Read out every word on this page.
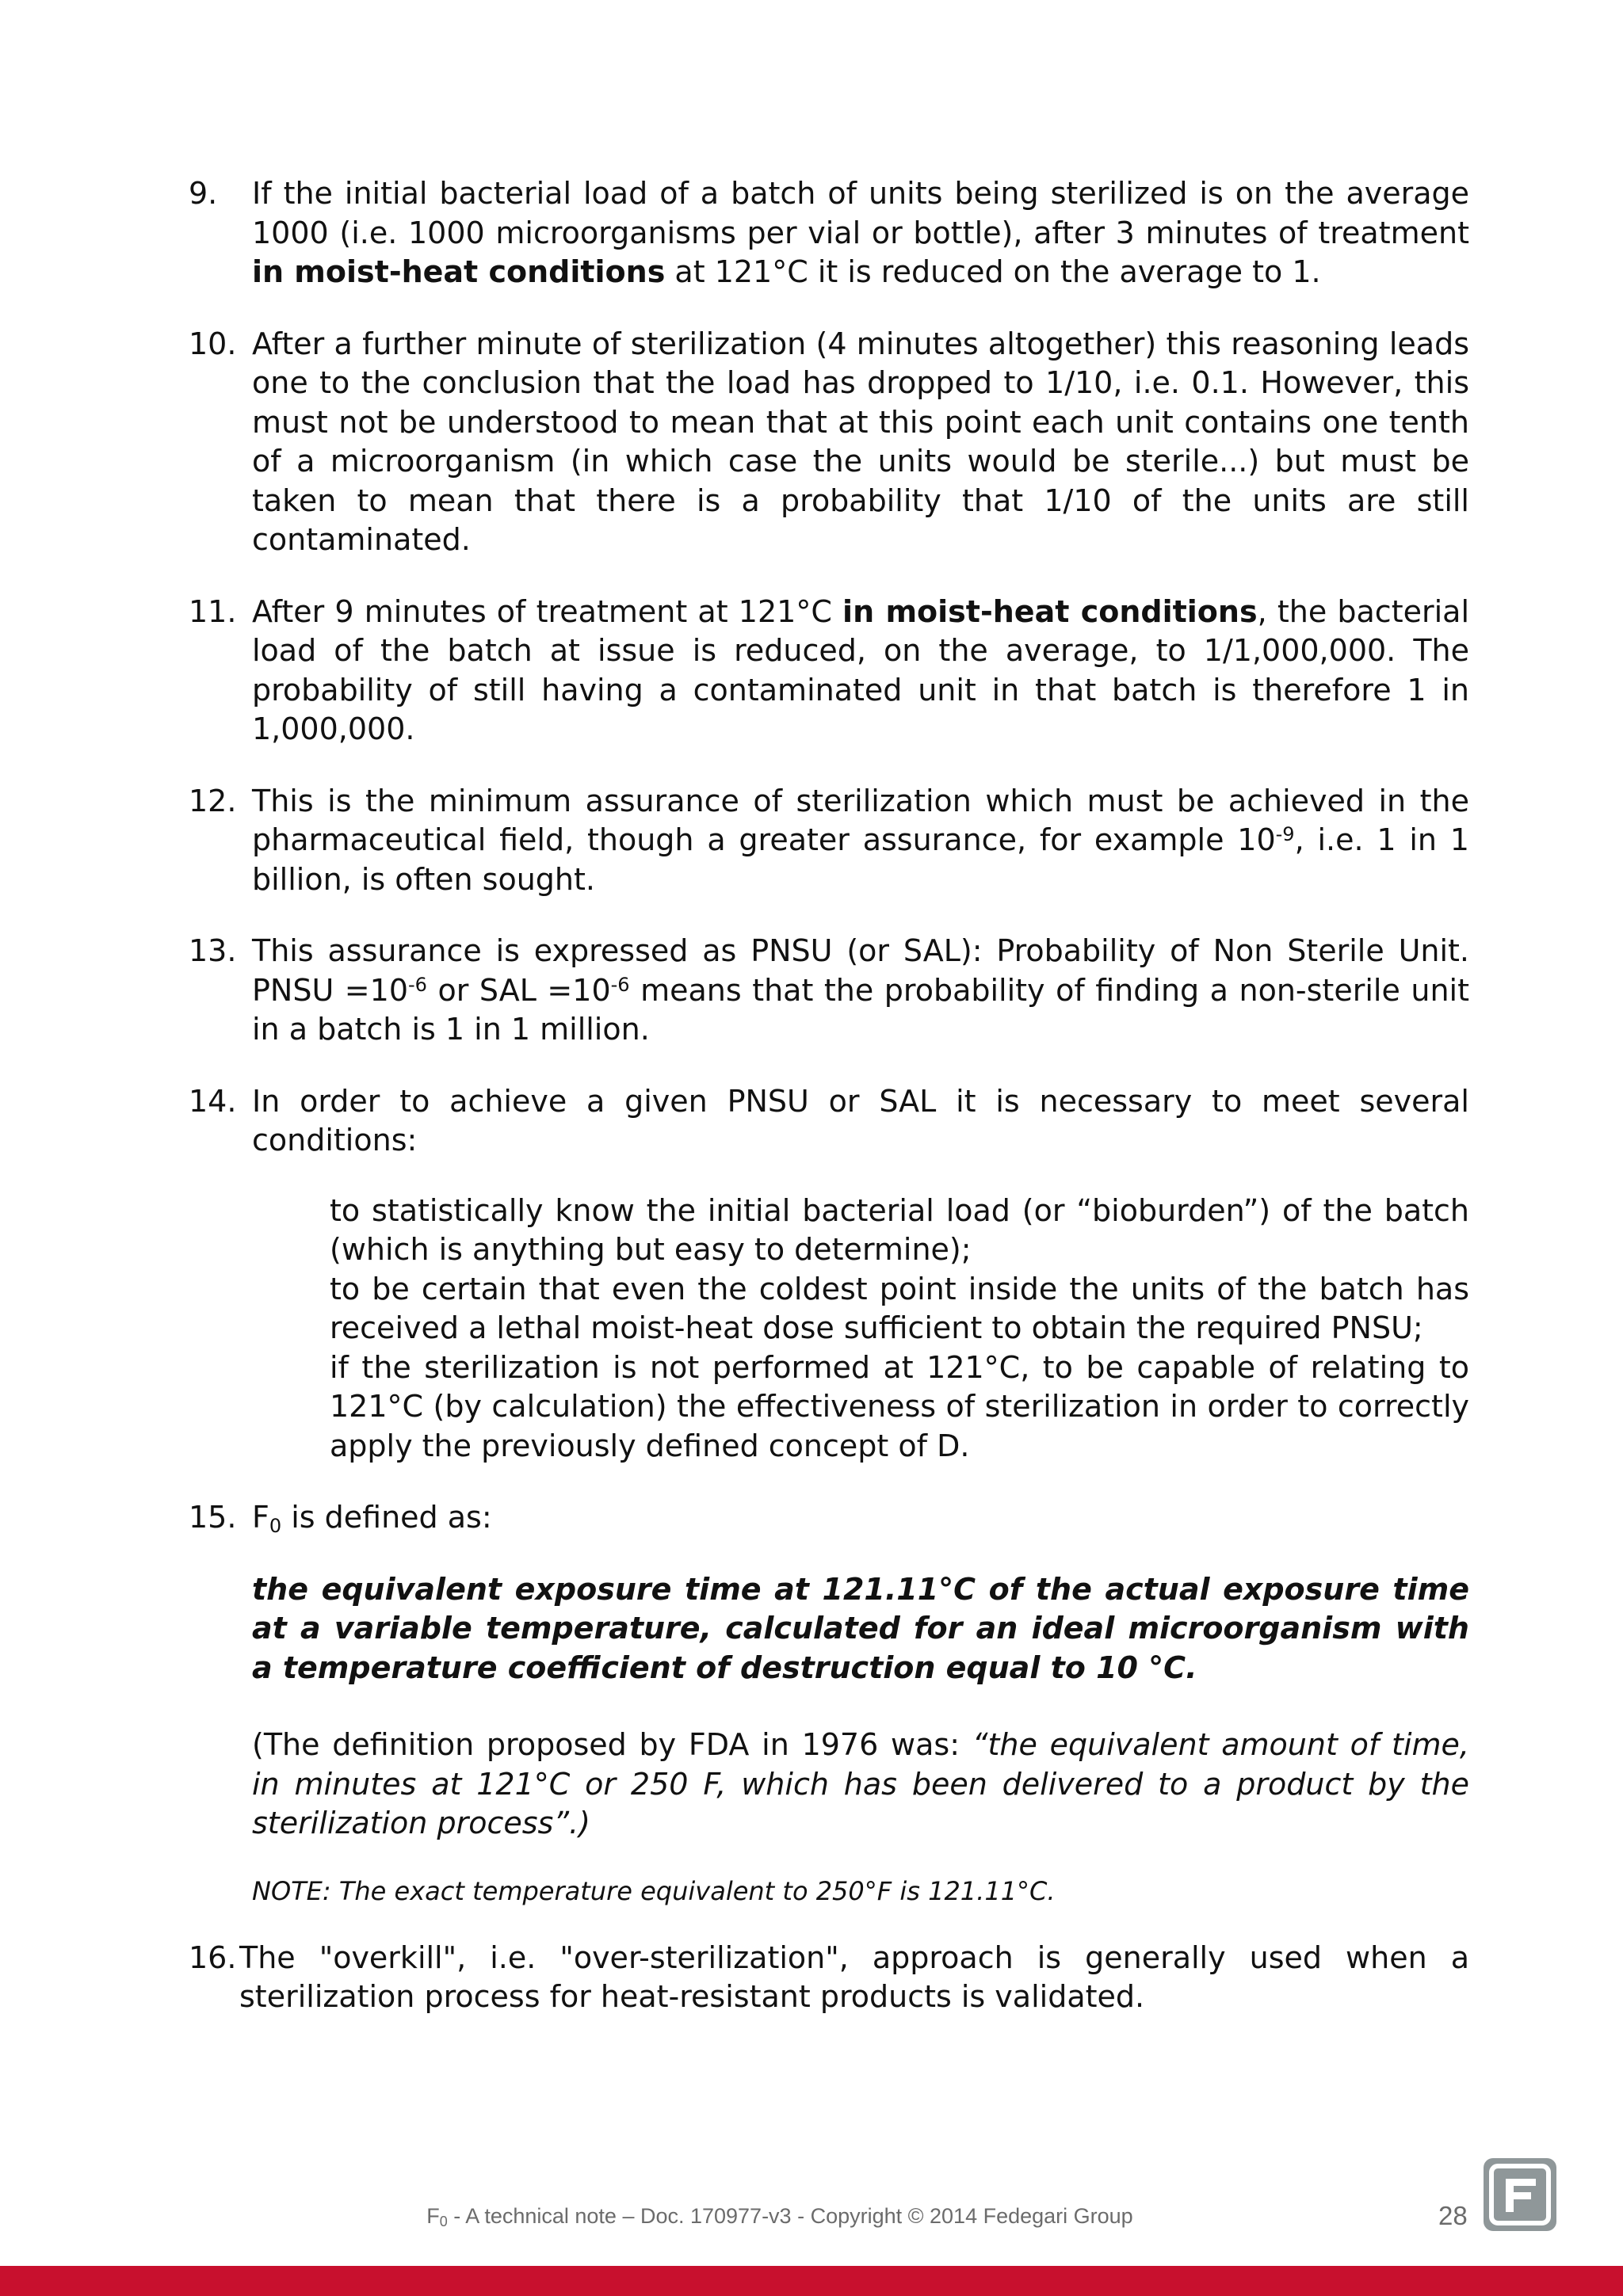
9.	If the initial bacterial load of a batch of units being sterilized is on the average 1000 (i.e. 1000 microorganisms per vial or bottle), after 3 minutes of treatment in moist-heat conditions at 121°C it is reduced on the average to 1.
10. After a further minute of sterilization (4 minutes altogether) this reasoning leads one to the conclusion that the load has dropped to 1/10, i.e. 0.1. However, this must not be understood to mean that at this point each unit contains one tenth of a microorganism (in which case the units would be sterile...) but must be taken to mean that there is a probability that 1/10 of the units are still contaminated.
11. After 9 minutes of treatment at 121°C in moist-heat conditions, the bacterial load of the batch at issue is reduced, on the average, to 1/1,000,000. The probability of still having a contaminated unit in that batch is therefore 1 in 1,000,000.
12. This is the minimum assurance of sterilization which must be achieved in the pharmaceutical field, though a greater assurance, for example $10^{-9}$, i.e. 1 in 1 billion, is often sought.
13. This assurance is expressed as PNSU (or SAL): Probability of Non Sterile Unit. PNSU $=10^{-6}$ or SAL $=10^{-6}$ means that the probability of finding a non-sterile unit in a batch is 1 in 1 million.
14. In order to achieve a given PNSU or SAL it is necessary to meet several conditions:
to statistically know the initial bacterial load (or “bioburden”) of the batch (which is anything but easy to determine);
to be certain that even the coldest point inside the units of the batch has received a lethal moist-heat dose sufficient to obtain the required PNSU;
if the sterilization is not performed at 121°C, to be capable of relating to 121°C (by calculation) the effectiveness of sterilization in order to correctly apply the previously defined concept of D.
15. $F_0$ is defined as:
the equivalent exposure time at 121.11°C of the actual exposure time at a variable temperature, calculated for an ideal microorganism with a temperature coefficient of destruction equal to 10 °C.
(The definition proposed by FDA in 1976 was: “the equivalent amount of time, in minutes at 121°C or 250 F, which has been delivered to a product by the sterilization process”.)
NOTE: The exact temperature equivalent to 250°F is 121.11°C.
16. The "overkill", i.e. "over-sterilization", approach is generally used when a sterilization process for heat-resistant products is validated.
$F_0$ - A technical note – Doc. 170977-v3 - Copyright © 2014 Fedegari Group	28
